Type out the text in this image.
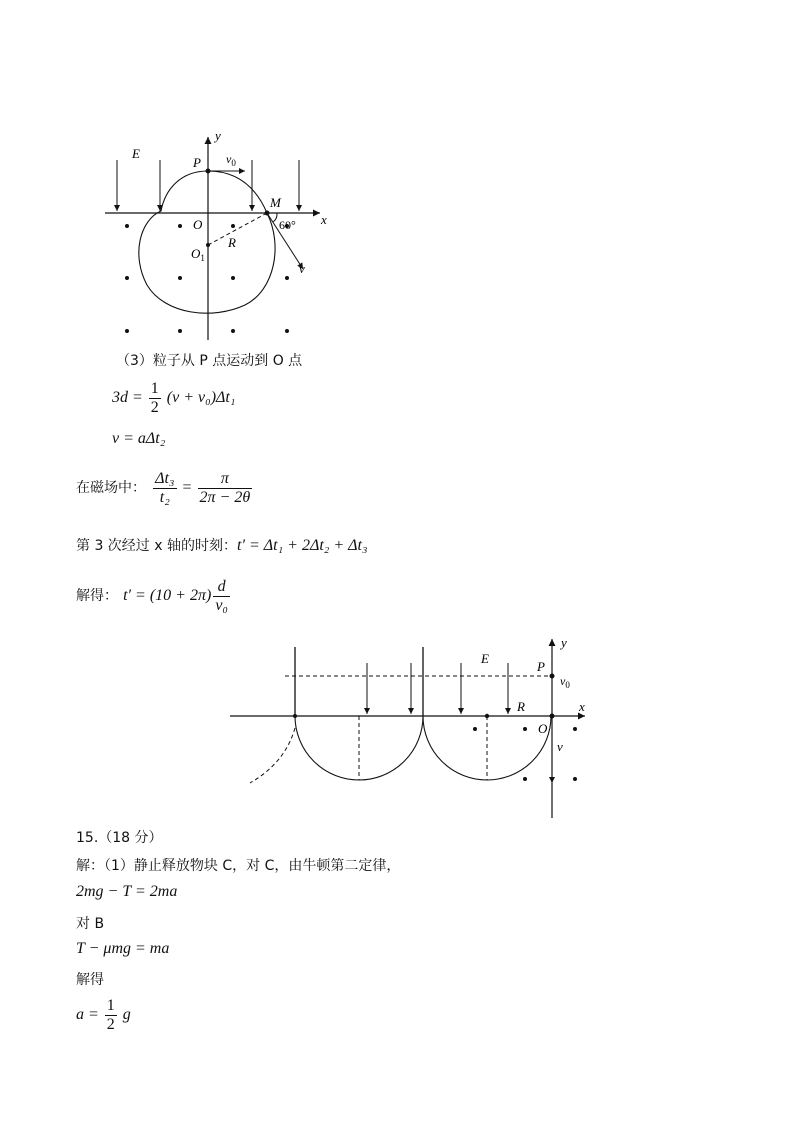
y
x
E
P $v_0$
M
60°
O
R
$O_1$
v
（3）粒子从 P 点运动到 O 点
$3d = \frac{1}{2} (v + v_0)\Delta t_1$
v = aΔt₂
在磁场中： $\frac{\text{Δt₃}}{\text{t₂}} = \frac{\pi}{2\pi - 2\theta}$
第 3 次经过 x 轴的时刻：t′ = Δt₁ + 2Δt₂ + Δt₃
解得： $t' = (10 + 2\pi) \frac{d}{\text{v₀}}$
y
x
E
P
$v_0$
R
O
v
15.（18 分）
解：（1）静止释放物块 C，对 C，由牛顿第二定律，
2mg − T = 2ma
对 B
T − μmg = ma
解得
$a = \frac{1}{2}$ g
